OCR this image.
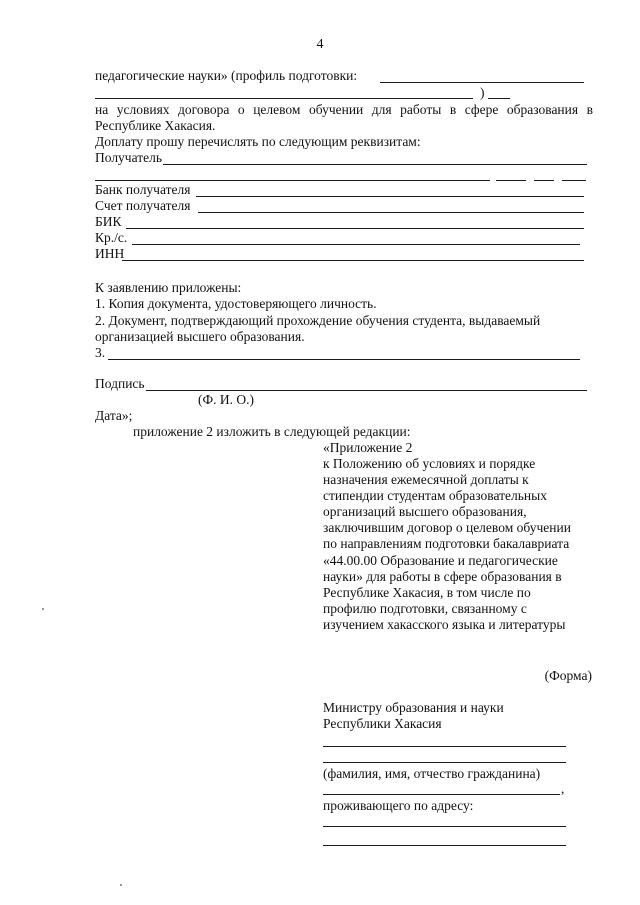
4
педагогические науки» (профиль подготовки:
)
на условиях договора о целевом обучении для работы в сфере образования в
Республике Хакасия.
Доплату прошу перечислять по следующим реквизитам:
Получатель
Банк получателя
Счет получателя
БИК
Кр./с.
ИНН
К заявлению приложены:
1. Копия документа, удостоверяющего личность.
2. Документ, подтверждающий прохождение обучения студента, выдаваемый
организацией высшего образования.
3.
Подпись
(Ф. И. О.)
Дата»;
приложение 2 изложить в следующей редакции:
«Приложение 2
к Положению об условиях и порядке
назначения ежемесячной доплаты к
стипендии студентам образовательных
организаций высшего образования,
заключившим договор о целевом обучении
по направлениям подготовки бакалавриата
«44.00.00 Образование и педагогические
науки» для работы в сфере образования в
Республике Хакасия, в том числе по
профилю подготовки, связанному с
изучением хакасского языка и литературы
(Форма)
Министру образования и науки
Республики Хакасия
(фамилия, имя, отчество гражданина)
,
проживающего по адресу:
